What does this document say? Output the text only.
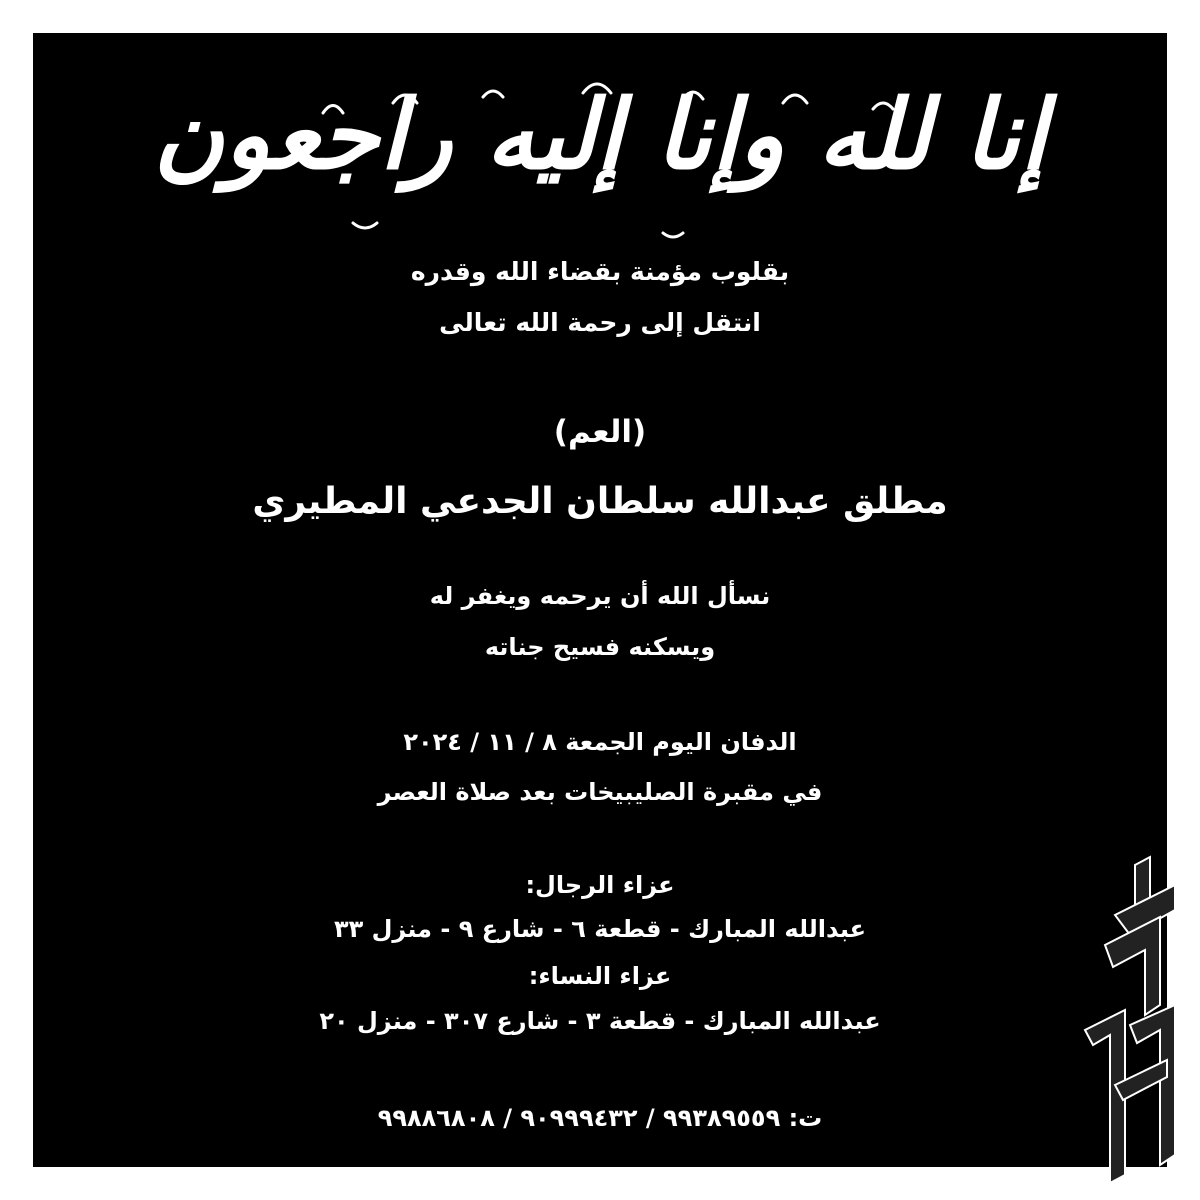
إنا لله وإنا إليه راجعون
بقلوب مؤمنة بقضاء الله وقدره
انتقل إلى رحمة الله تعالى
(العم)
مطلق عبدالله سلطان الجدعي المطيري
نسأل الله أن يرحمه ويغفر له
ويسكنه فسيح جناته
الدفان اليوم الجمعة ٨ / ١١ / ٢٠٢٤
في مقبرة الصليبيخات بعد صلاة العصر
عزاء الرجال:
عبدالله المبارك - قطعة ٦ - شارع ٩ - منزل ٣٣
عزاء النساء:
عبدالله المبارك - قطعة ٣ - شارع ٣٠٧ - منزل ٢٠
ت: ٩٩٣٨٩٥٥٩ / ٩٠٩٩٩٤٣٢ / ٩٩٨٨٦٨٠٨
